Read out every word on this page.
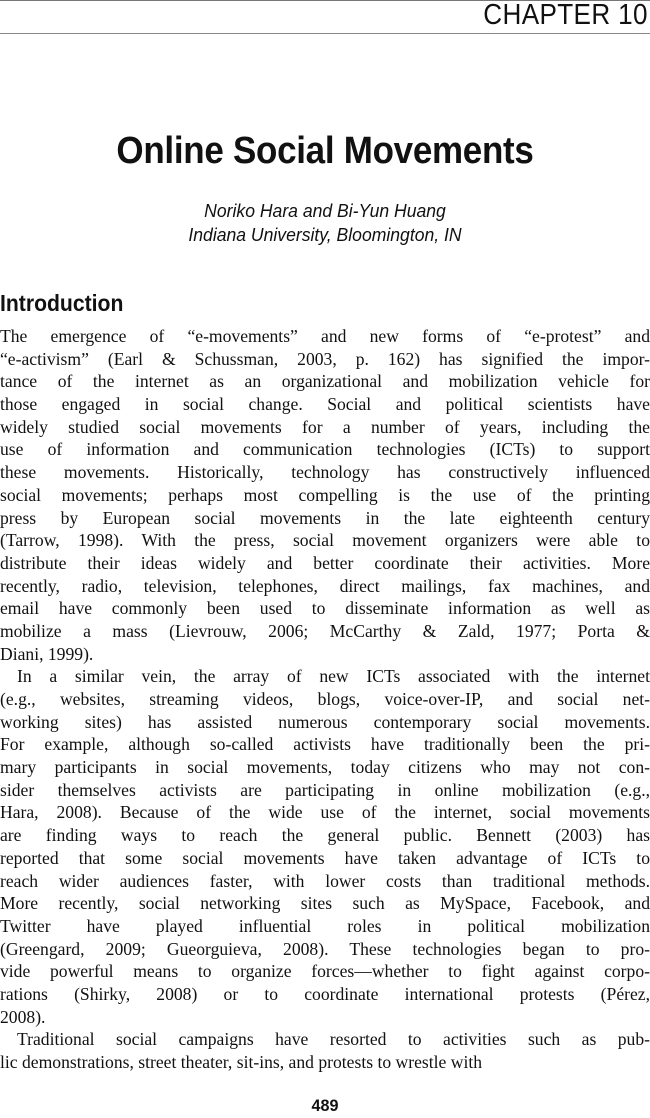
CHAPTER 10
Online Social Movements
Noriko Hara and Bi-Yun Huang
Indiana University, Bloomington, IN
Introduction
The emergence of “e-movements” and new forms of “e-protest” and
“e-activism” (Earl & Schussman, 2003, p. 162) has signified the impor-
tance of the internet as an organizational and mobilization vehicle for
those engaged in social change. Social and political scientists have
widely studied social movements for a number of years, including the
use of information and communication technologies (ICTs) to support
these movements. Historically, technology has constructively influenced
social movements; perhaps most compelling is the use of the printing
press by European social movements in the late eighteenth century
(Tarrow, 1998). With the press, social movement organizers were able to
distribute their ideas widely and better coordinate their activities. More
recently, radio, television, telephones, direct mailings, fax machines, and
email have commonly been used to disseminate information as well as
mobilize a mass (Lievrouw, 2006; McCarthy & Zald, 1977; Porta &
Diani, 1999).
In a similar vein, the array of new ICTs associated with the internet
(e.g., websites, streaming videos, blogs, voice-over-IP, and social net-
working sites) has assisted numerous contemporary social movements.
For example, although so-called activists have traditionally been the pri-
mary participants in social movements, today citizens who may not con-
sider themselves activists are participating in online mobilization (e.g.,
Hara, 2008). Because of the wide use of the internet, social movements
are finding ways to reach the general public. Bennett (2003) has
reported that some social movements have taken advantage of ICTs to
reach wider audiences faster, with lower costs than traditional methods.
More recently, social networking sites such as MySpace, Facebook, and
Twitter have played influential roles in political mobilization
(Greengard, 2009; Gueorguieva, 2008). These technologies began to pro-
vide powerful means to organize forces—whether to fight against corpo-
rations (Shirky, 2008) or to coordinate international protests (Pérez,
2008).
Traditional social campaigns have resorted to activities such as pub-
lic demonstrations, street theater, sit-ins, and protests to wrestle with
489
